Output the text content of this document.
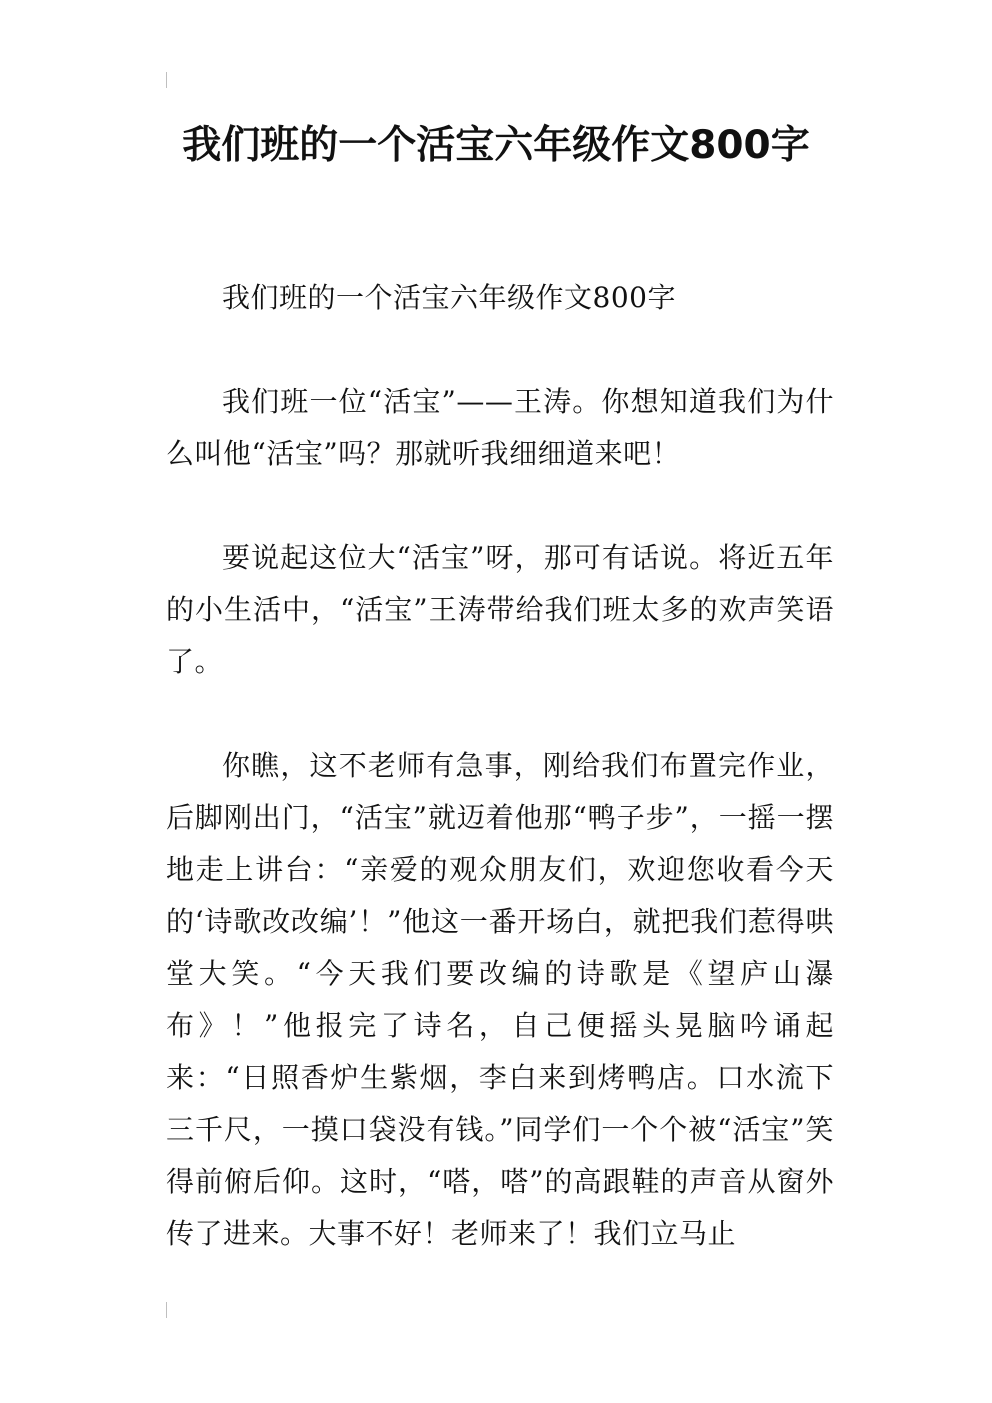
我们班的一个活宝六年级作文800字

我们班的一个活宝六年级作文800字

我们班一位“活宝”——王涛。你想知道我们为什么叫他“活宝”吗？那就听我细细道来吧！

要说起这位大“活宝”呀，那可有话说。将近五年的小生活中，“活宝”王涛带给我们班太多的欢声笑语了。

你瞧，这不老师有急事，刚给我们布置完作业，后脚刚出门，“活宝”就迈着他那“鸭子步”，一摇一摆地走上讲台：“亲爱的观众朋友们，欢迎您收看今天的‘诗歌改改编’！”他这一番开场白，就把我们惹得哄堂大笑。“今天我们要改编的诗歌是《望庐山瀑布》！”他报完了诗名，自己便摇头晃脑吟诵起来：“日照香炉生紫烟，李白来到烤鸭店。口水流下三千尺，一摸口袋没有钱。”同学们一个个被“活宝”笑得前俯后仰。这时，“嗒，嗒”的高跟鞋的声音从窗外传了进来。大事不好！老师来了！我们立马止
